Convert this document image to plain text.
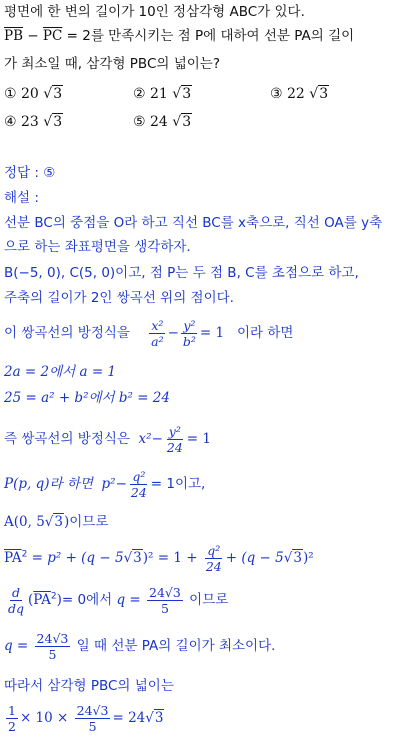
평면에 한 변의 길이가 10인 정삼각형 ABC가 있다.
$\overline{PB} - \overline{PC} = 2$를 만족시키는 점 P에 대하여 선분 PA의 길이
가 최소일 때, 삼각형 PBC의 넓이는?
① 20 √3	② 21 √3	③ 22 √3
④ 23 √3	⑤ 24 √3
정답 : ⑤
해설 :
선분 BC의 중점을 O라 하고 직선 BC를 x축으로, 직선 OA를 y축
으로 하는 좌표평면을 생각하자.
B(−5, 0), C(5, 0)이고, 점 P는 두 점 B, C를 초점으로 하고,
주축의 길이가 2인 쌍곡선 위의 점이다.
이 쌍곡선의 방정식을 $\frac{\text{x²}}{\text{a²}} - \frac{\text{y²}}{\text{b²}} = 1$ 이라 하면
2a = 2에서 a = 1
25 = a² + b²에서 b² = 24
즉 쌍곡선의 방정식은 $x^2- \frac{\text{y²}}{24} = 1$
P(p, q)라 하면 $p^2- \frac{\text{q²}}{24} = 1$이고,
A(0, 5√3)이므로
$\overline{PA}^2 = p^2 + (q - 5√3)^2 = 1 + \frac{\text{q²}}{24} + (q - 5√3)^2$
$\frac{d}{dq} (\overline{PA}^2)= 0$에서 $q = \frac{24√3}{5}$ 이므로
$q = \frac{24√3}{5}$ 일 때 선분 PA의 길이가 최소이다.
따라서 삼각형 PBC의 넓이는
$\frac{1}{2} \times 10 \times \frac{24√3}{5} = 24√3$
